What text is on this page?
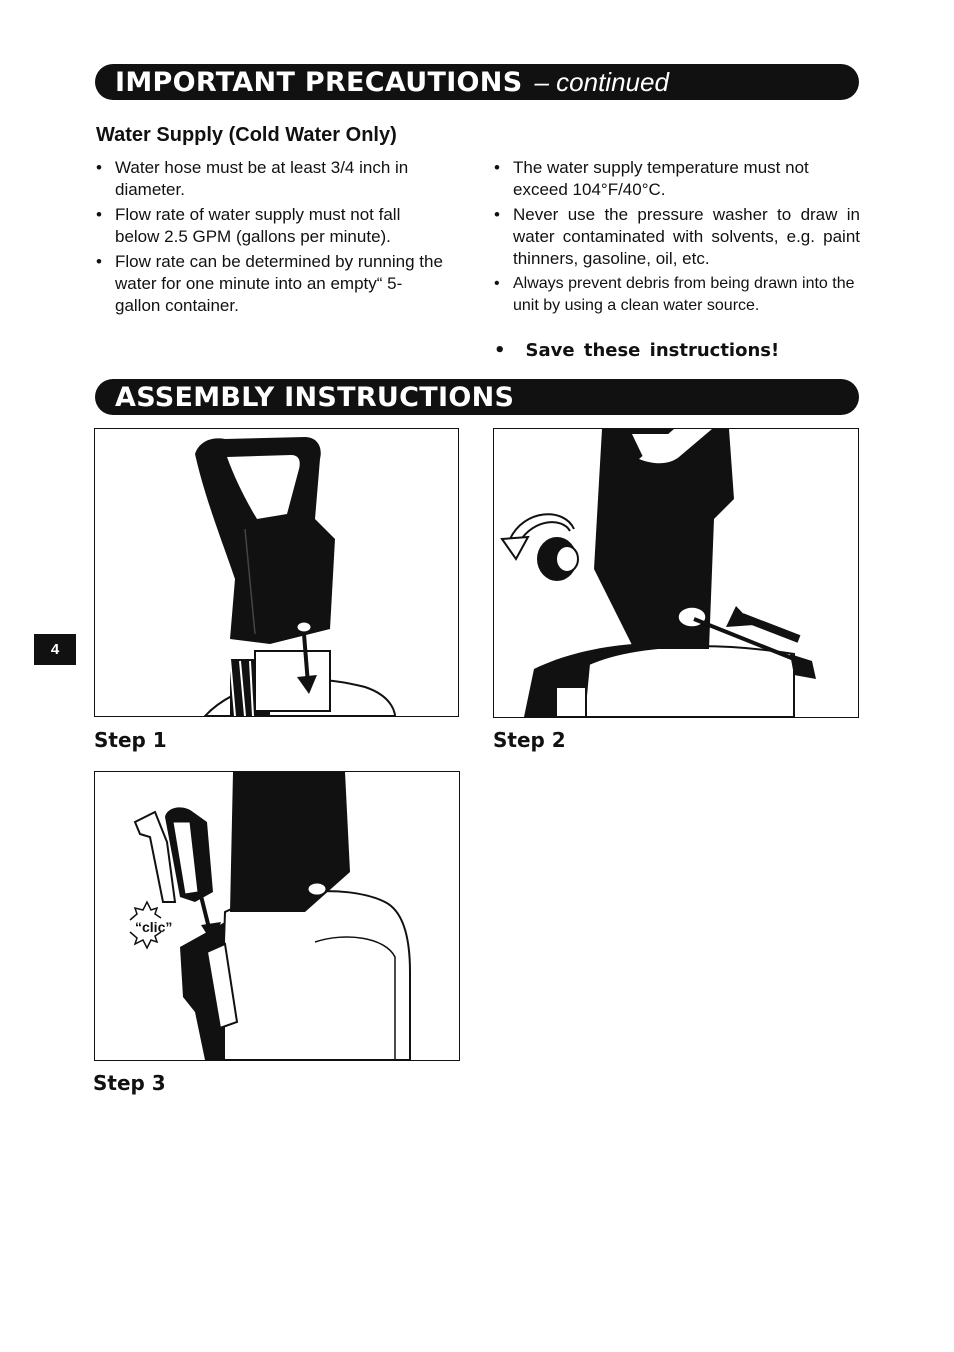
IMPORTANT PRECAUTIONS – continued
Water Supply (Cold Water Only)
• Water hose must be at least 3/4 inch in diameter.
• Flow rate of water supply must not fall below 2.5 GPM (gallons per minute).
• Flow rate can be determined by running the water for one minute into an empty“ 5-gallon container.
• The water supply temperature must not exceed 104°F/40°C.
• Never use the pressure washer to draw in water contaminated with solvents, e.g. paint thinners, gasoline, oil, etc.
• Always prevent debris from being drawn into the unit by using a clean water source.
• Save these instructions!
ASSEMBLY INSTRUCTIONS
Step 1	Step 2
“clic”
Step 3
4
